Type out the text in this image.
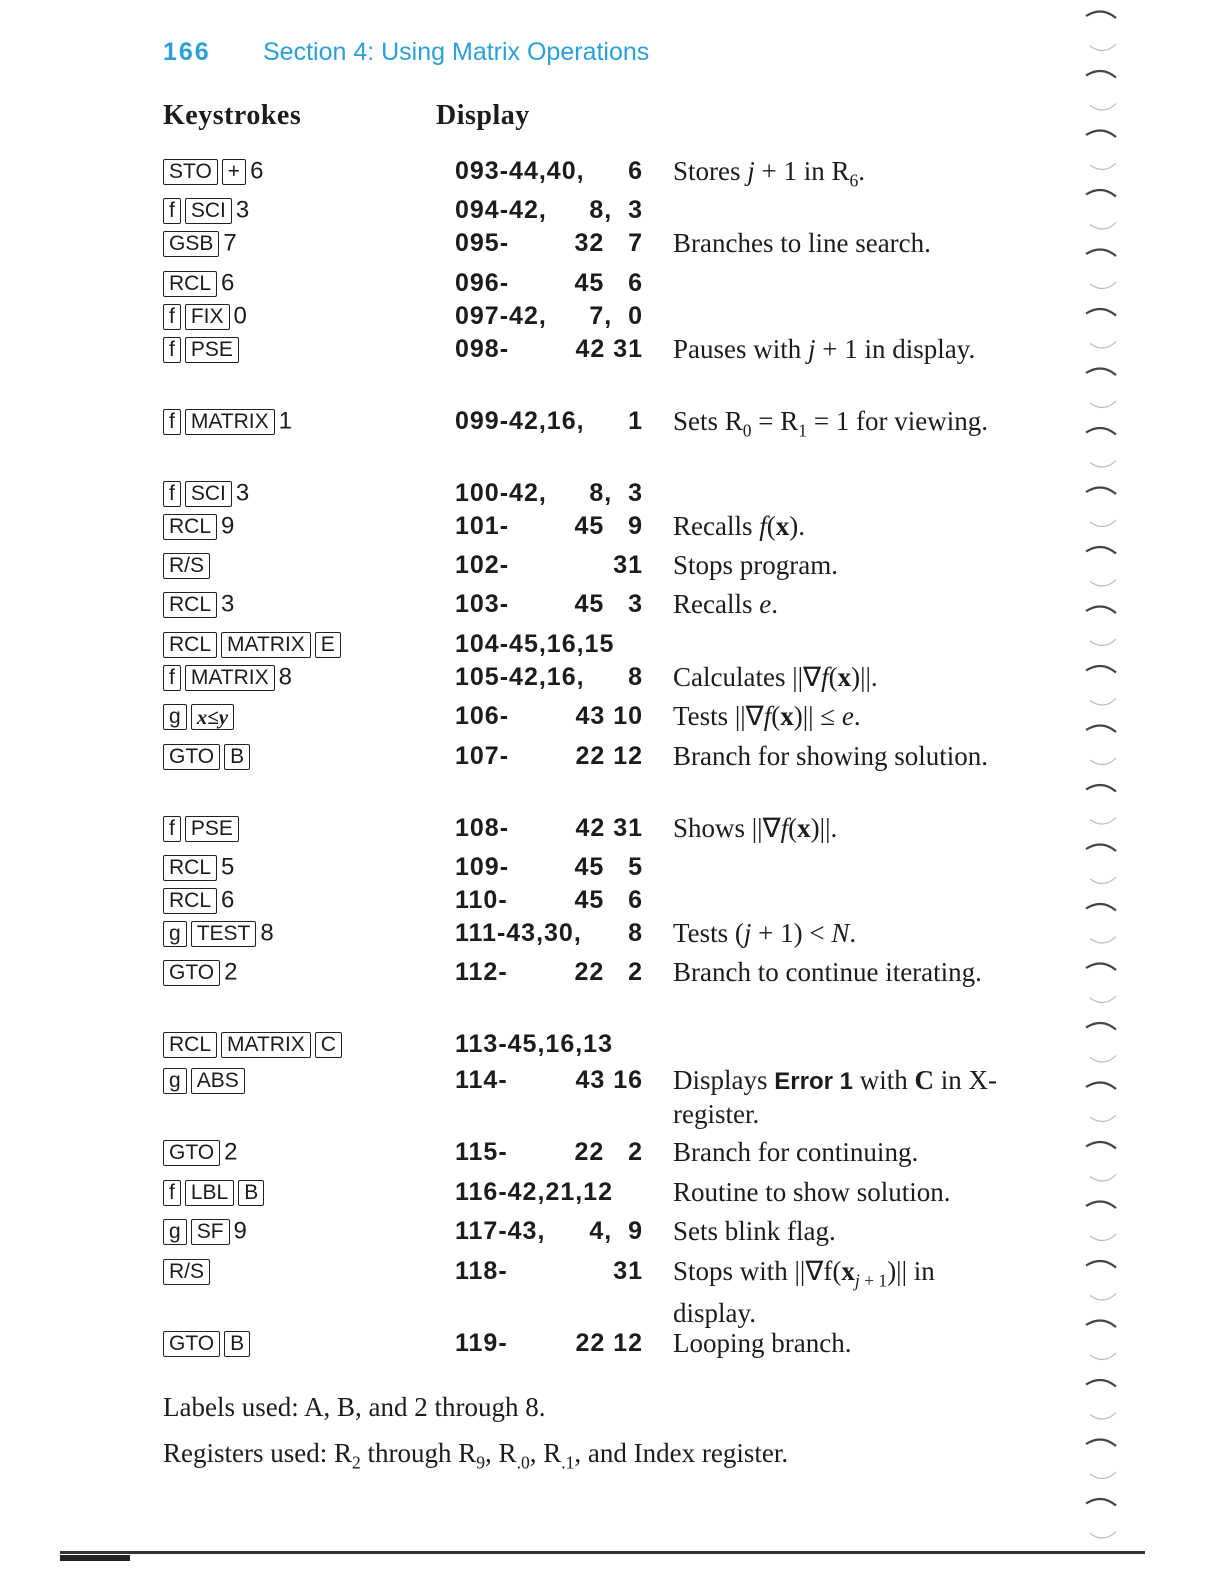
166 Section 4: Using Matrix Operations
Keystrokes	Display
STO + 6	093-44,40, 6 Stores j + 1 in $R_6$.
f SCI 3	094-42, 8,  3
GSB 7	095-	32   7 Branches to line search.
RCL 6	096-	45   6
f FIX 0	097-42, 7,  0
f PSE	098-	42 31 Pauses with j + 1 in display.
f MATRIX 1	099-42,16, 1 Sets $R_0 = R_1 = 1$ for viewing.
f SCI 3	100-42, 8,  3
RCL 9	101-	45   9 Recalls f(x).
R/S	102-	31 Stops program.
RCL 3	103-	45   3 Recalls e.
RCL MATRIX E	104-45,16,15
f MATRIX 8	105-42,16, 8 Calculates ||∇f(x)||.
g x≤y	106-	43 10 Tests ||∇f(x)|| ≤ e.
GTO B	107-	22 12 Branch for showing solution.
f PSE	108-	42 31 Shows ||∇f(x)||.
RCL 5	109-	45   5
RCL 6	110-	45   6
g TEST 8	111-43,30, 8 Tests (j + 1) < N.
GTO 2	112-	22   2 Branch to continue iterating.
RCL MATRIX C	113-45,16,13
g ABS	114-	43 16 Displays Error 1 with C in X-register.
GTO 2	115-	22   2 Branch for continuing.
f LBL B	116-42,21,12 Routine to show solution.
g SF 9	117-43, 4,  9 Sets blink flag.
R/S	118-	31 Stops with $||\nabla f(x_{j + 1})||$ in display.
GTO B	119-	22 12 Looping branch.
Labels used: A, B, and 2 through 8.
Registers used: $R_2$ through $R_9$, $R_{.0}$, $R_{.1}$, and Index register.
